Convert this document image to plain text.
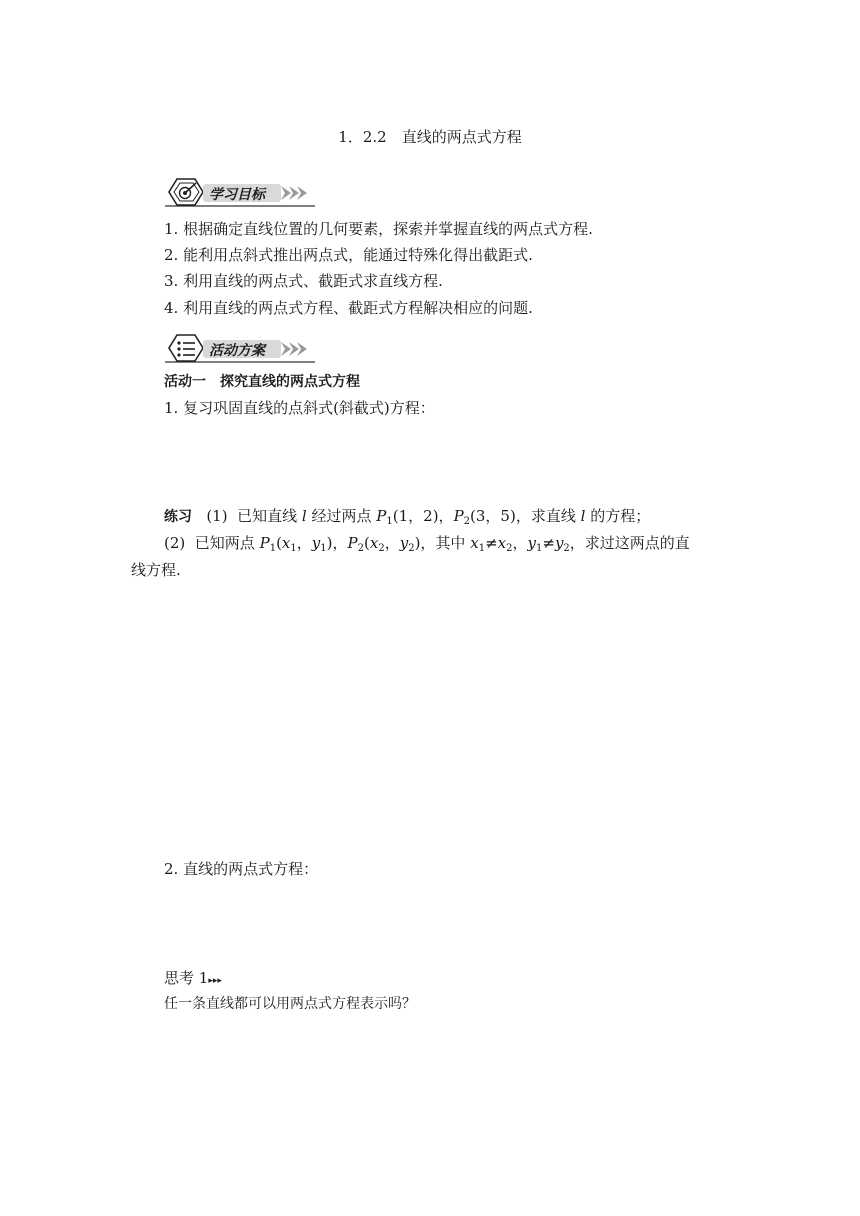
1．2.2　直线的两点式方程
学习目标
1. 根据确定直线位置的几何要素，探索并掌握直线的两点式方程.
2. 能利用点斜式推出两点式，能通过特殊化得出截距式.
3. 利用直线的两点式、截距式求直线方程.
4. 利用直线的两点式方程、截距式方程解决相应的问题.
活动方案
活动一　探究直线的两点式方程
1. 复习巩固直线的点斜式(斜截式)方程：
练习 (1) 已知直线 l 经过两点 $P_1(1$，2)，$P_2(3$，5)，求直线 l 的方程；
(2) 已知两点 $P_1(x_1$，$y_1$)，$P_2(x_2$，$y_2$)，其中 $x_1\ne x_2$，$y_1\ne y_2$，求过这两点的直
线方程.
2. 直线的两点式方程：
思考 1▸▸▸
任一条直线都可以用两点式方程表示吗？
